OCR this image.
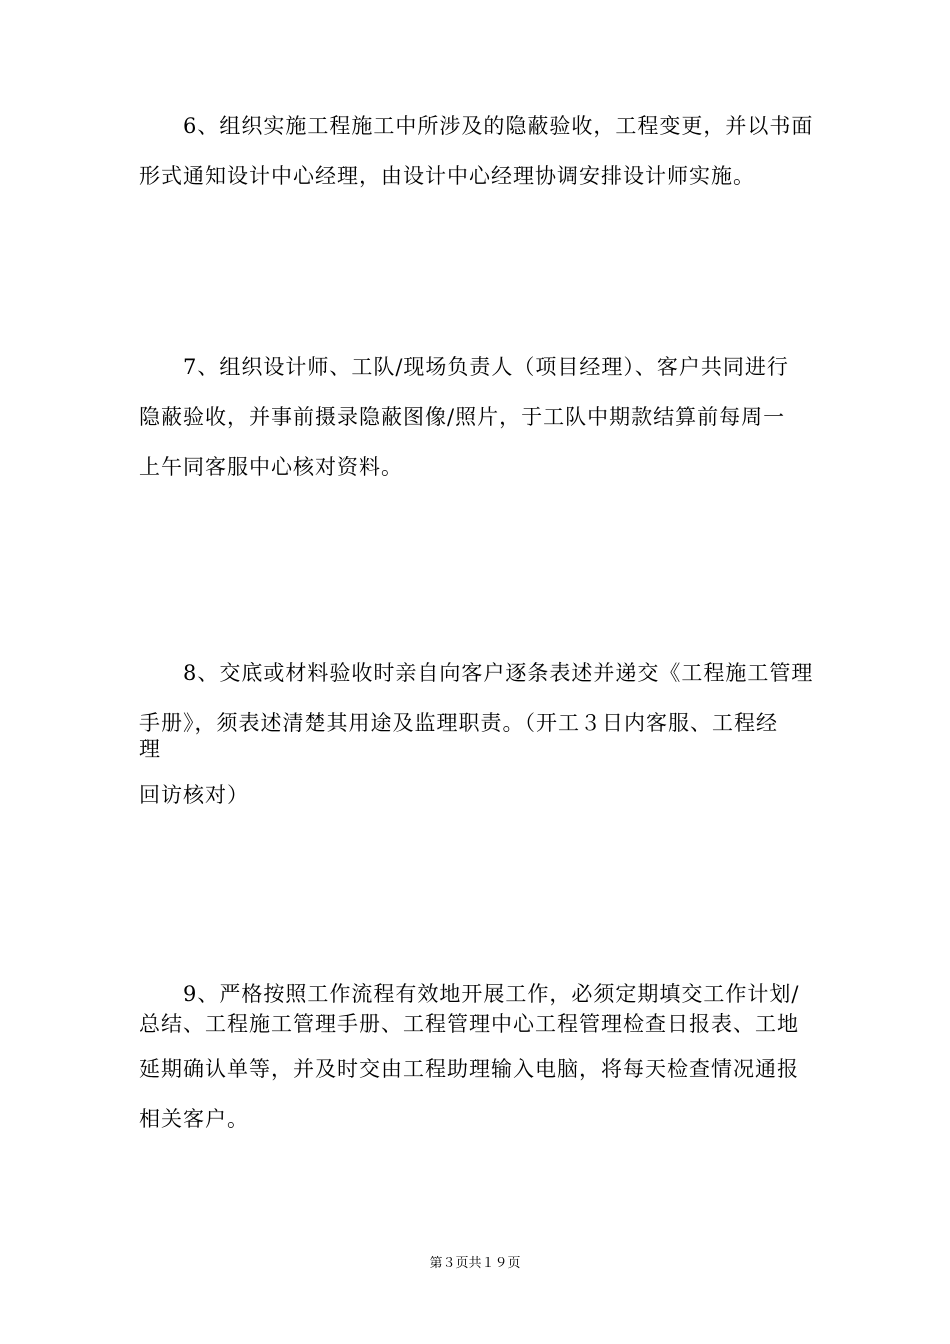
　　6、组织实施工程施工中所涉及的隐蔽验收，工程变更，并以书面
形式通知设计中心经理，由设计中心经理协调安排设计师实施。
　　7、组织设计师、工队/现场负责人（项目经理）、客户共同进行
隐蔽验收，并事前摄录隐蔽图像/照片，于工队中期款结算前每周一
上午同客服中心核对资料。
　　8、交底或材料验收时亲自向客户逐条表述并递交《工程施工管理
手册》，须表述清楚其用途及监理职责。（开工３日内客服、工程经
理
回访核对）
　　9、严格按照工作流程有效地开展工作，必须定期填交工作计划/
总结、工程施工管理手册、工程管理中心工程管理检查日报表、工地
延期确认单等，并及时交由工程助理输入电脑，将每天检查情况通报
相关客户。
第３页共１９页
